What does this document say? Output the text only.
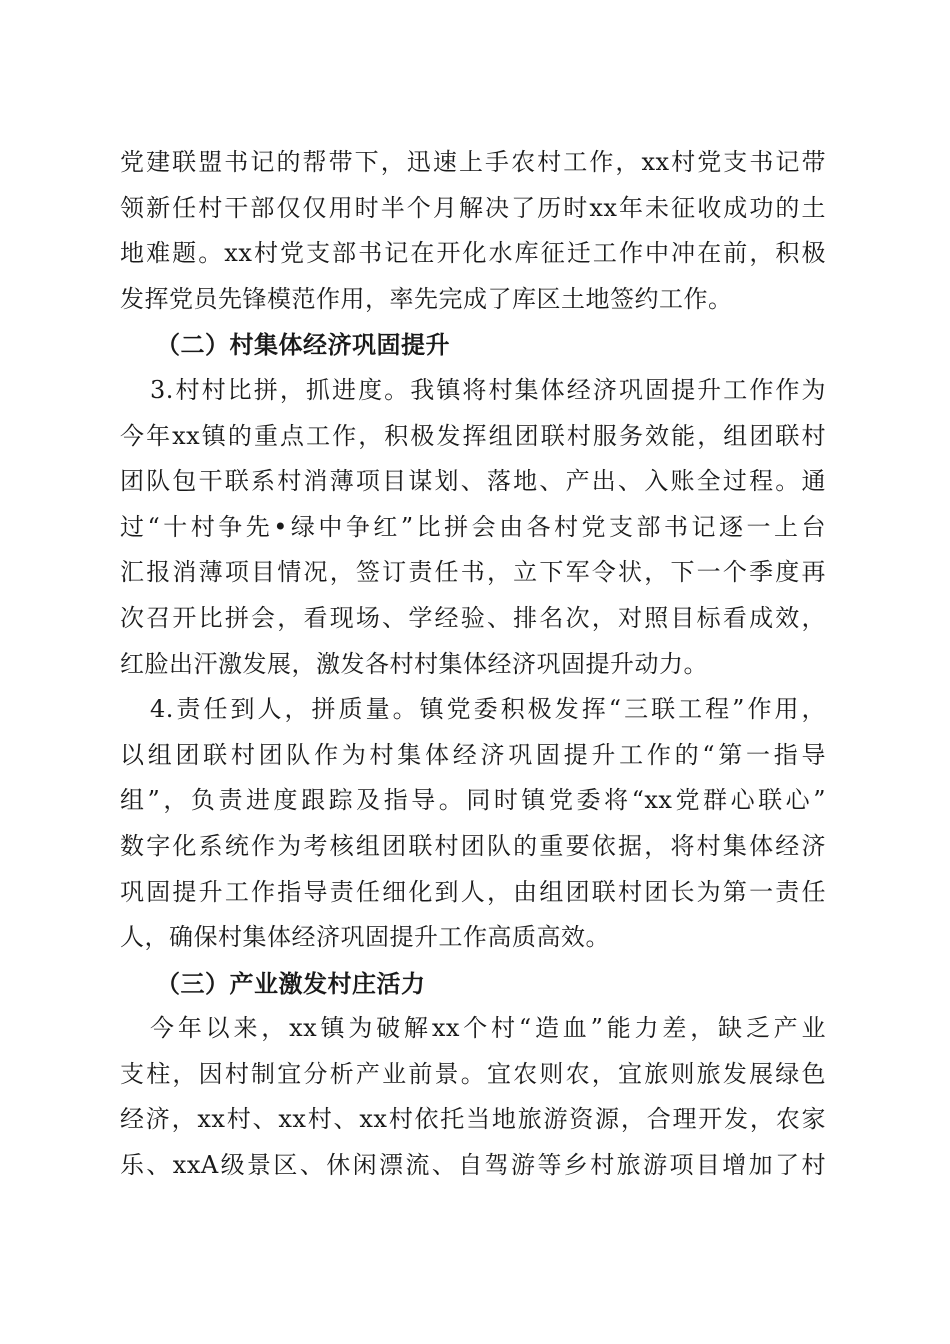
党建联盟书记的帮带下，迅速上手农村工作，xx村党支书记带
领新任村干部仅仅用时半个月解决了历时xx年未征收成功的土
地难题。xx村党支部书记在开化水库征迁工作中冲在前，积极
发挥党员先锋模范作用，率先完成了库区土地签约工作。
（二）村集体经济巩固提升
3.村村比拼，抓进度。我镇将村集体经济巩固提升工作作为
今年xx镇的重点工作，积极发挥组团联村服务效能，组团联村
团队包干联系村消薄项目谋划、落地、产出、入账全过程。通
过“十村争先•绿中争红”比拼会由各村党支部书记逐一上台
汇报消薄项目情况，签订责任书，立下军令状，下一个季度再
次召开比拼会，看现场、学经验、排名次，对照目标看成效，
红脸出汗激发展，激发各村村集体经济巩固提升动力。
4.责任到人，拼质量。镇党委积极发挥“三联工程”作用，
以组团联村团队作为村集体经济巩固提升工作的“第一指导
组”，负责进度跟踪及指导。同时镇党委将“xx党群心联心”
数字化系统作为考核组团联村团队的重要依据，将村集体经济
巩固提升工作指导责任细化到人，由组团联村团长为第一责任
人，确保村集体经济巩固提升工作高质高效。
（三）产业激发村庄活力
今年以来，xx镇为破解xx个村“造血”能力差，缺乏产业
支柱，因村制宜分析产业前景。宜农则农，宜旅则旅发展绿色
经济，xx村、xx村、xx村依托当地旅游资源，合理开发，农家
乐、xxA级景区、休闲漂流、自驾游等乡村旅游项目增加了村
